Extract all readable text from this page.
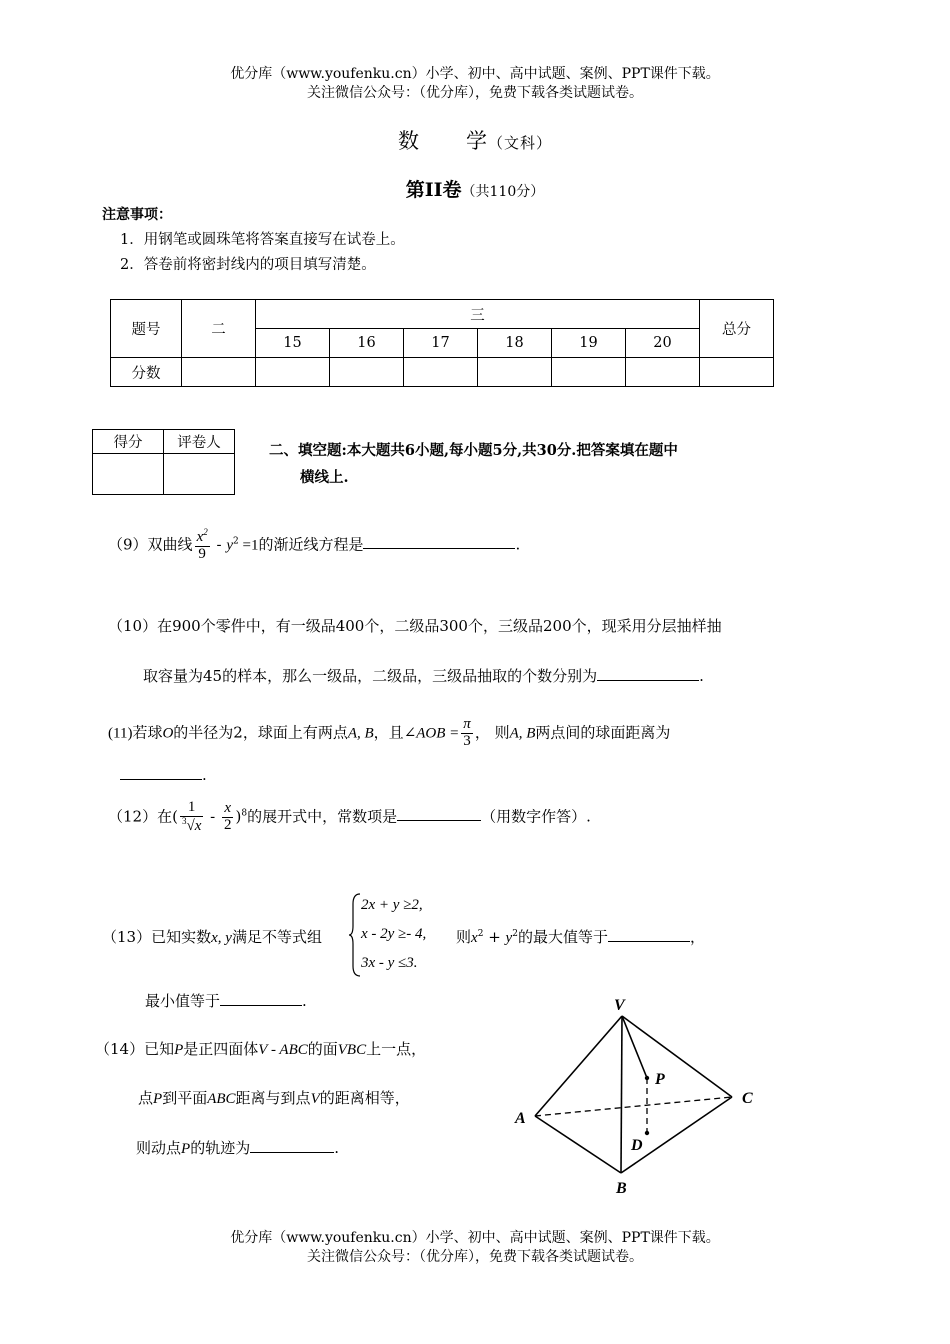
优分库（www.youfenku.cn）小学、初中、高中试题、案例、PPT课件下载。
关注微信公众号：（优分库），免费下载各类试题试卷。
数 学（文科）
第II卷（共110分）
注意事项：
1．用钢笔或圆珠笔将答案直接写在试卷上。
2．答卷前将密封线内的项目填写清楚。
题号	二	三						总分
		15	16	17	18	19	20	
分数								
得分	评卷人
		二、填空题:本大题共6小题,每小题5分,共30分.把答案填在题中
横线上.
（9）双曲线 $\frac{x^2}{9} - y^2 =1$的渐近线方程是	.
（10）在900个零件中，有一级品400个，二级品300个，三级品200个，现采用分层抽样抽
取容量为45的样本，那么一级品，二级品，三级品抽取的个数分别为	.
(11)若球O的半径为2，球面上有两点A, B，且∠AOB = $\frac{\pi}{3}$ ， 则A, B两点间的球面距离为
.
（12）在( $\frac{1}{^3√x} - \frac{x}{2} )^8$的展开式中，常数项是	（用数字作答）.
（13）已知实数x, y满足不等式组
2x + y ≥2,
x - 2y ≥- 4,
3x - y ≤3.
则$x^2 + y^2$的最大值等于	，
最小值等于	.
（14）已知P是正四面体V - ABC的面VBC上一点，
点P到平面ABC距离与到点V的距离相等，
则动点P的轨迹为	.
V
P
C
A
D
B
优分库（www.youfenku.cn）小学、初中、高中试题、案例、PPT课件下载。
关注微信公众号：（优分库），免费下载各类试题试卷。
